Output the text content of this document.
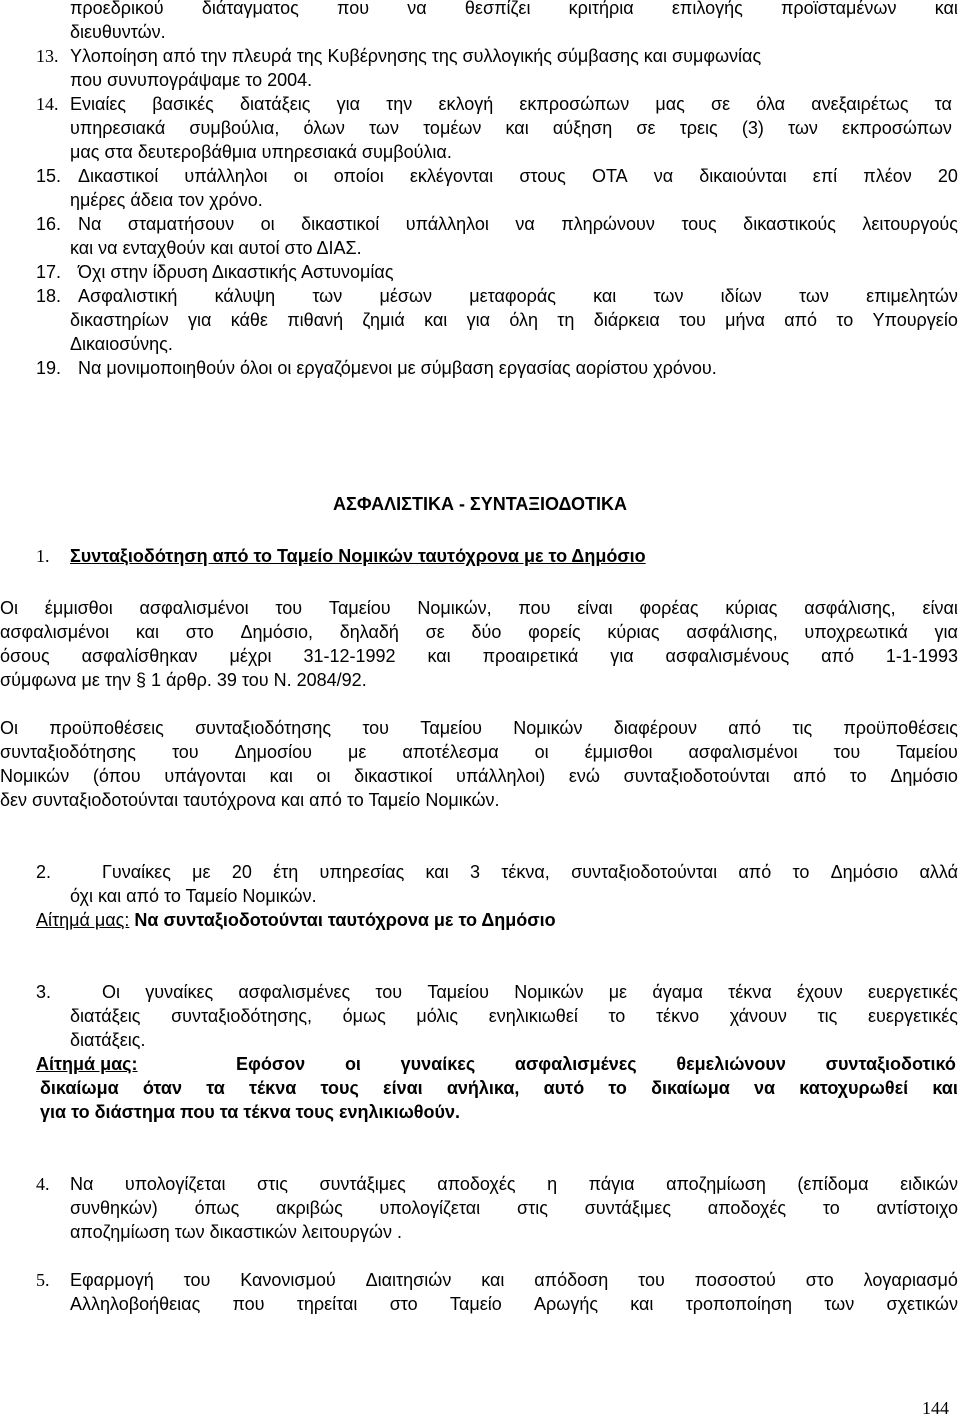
προεδρικού διάταγματος που να θεσπίζει κριτήρια επιλογής προϊσταμένων και
διευθυντών.
13. Υλοποίηση από την πλευρά της Κυβέρνησης της συλλογικής σύμβασης και συμφωνίας
που συνυπογράψαμε το 2004.
14. Ενιαίες βασικές διατάξεις για την εκλογή εκπροσώπων μας σε όλα ανεξαιρέτως τα
υπηρεσιακά συμβούλια, όλων των τομέων και αύξηση σε τρεις (3) των εκπροσώπων
μας στα δευτεροβάθμια υπηρεσιακά συμβούλια.
15. Δικαστικοί υπάλληλοι οι οποίοι εκλέγονται στους ΟΤΑ να δικαιούνται επί πλέον 20
ημέρες άδεια τον χρόνο.
16. Να σταματήσουν οι δικαστικοί υπάλληλοι να πληρώνουν τους δικαστικούς λειτουργούς
και να ενταχθούν και αυτοί στο ΔΙΑΣ.
17. Όχι στην ίδρυση Δικαστικής Αστυνομίας
18. Ασφαλιστική κάλυψη των μέσων μεταφοράς και των ιδίων των επιμελητών
δικαστηρίων για κάθε πιθανή ζημιά και για όλη τη διάρκεια του μήνα από το Υπουργείο
Δικαιοσύνης.
19. Να μονιμοποιηθούν όλοι οι εργαζόμενοι με σύμβαση εργασίας αορίστου χρόνου.
ΑΣΦΑΛΙΣΤΙΚΑ - ΣΥΝΤΑΞΙΟΔΟΤΙΚΑ
1. Συνταξιοδότηση από το Ταμείο Νομικών ταυτόχρονα με το Δημόσιο
Οι έμμισθοι ασφαλισμένοι του Ταμείου Νομικών, που είναι φορέας κύριας ασφάλισης, είναι
ασφαλισμένοι και στο Δημόσιο, δηλαδή σε δύο φορείς κύριας ασφάλισης, υποχρεωτικά για
όσους ασφαλίσθηκαν μέχρι 31-12-1992 και προαιρετικά για ασφαλισμένους από 1-1-1993
σύμφωνα με την § 1 άρθρ. 39 του Ν. 2084/92.
Οι προϋποθέσεις συνταξιοδότησης του Ταμείου Νομικών διαφέρουν από τις προϋποθέσεις
συνταξιοδότησης του Δημοσίου με αποτέλεσμα οι έμμισθοι ασφαλισμένοι του Ταμείου
Νομικών (όπου υπάγονται και οι δικαστικοί υπάλληλοι) ενώ συνταξιοδοτούνται από το Δημόσιο
δεν συνταξιοδοτούνται ταυτόχρονα και από το Ταμείο Νομικών.
2.	Γυναίκες με 20 έτη υπηρεσίας και 3 τέκνα, συνταξιοδοτούνται από το Δημόσιο αλλά
όχι και από το Ταμείο Νομικών.
Αίτημά μας: Να συνταξιοδοτούνται ταυτόχρονα με το Δημόσιο
3.	Οι γυναίκες ασφαλισμένες του Ταμείου Νομικών με άγαμα τέκνα έχουν ευεργετικές
διατάξεις συνταξιοδότησης, όμως μόλις ενηλικιωθεί το τέκνο χάνουν τις ευεργετικές
διατάξεις.
Αίτημά μας:	Εφόσον οι γυναίκες ασφαλισμένες θεμελιώνουν συνταξιοδοτικό
δικαίωμα όταν τα τέκνα τους είναι ανήλικα, αυτό το δικαίωμα να κατοχυρωθεί και
για το διάστημα που τα τέκνα τους ενηλικιωθούν.
4. Να υπολογίζεται στις συντάξιμες αποδοχές η πάγια αποζημίωση (επίδομα ειδικών
συνθηκών) όπως ακριβώς υπολογίζεται στις συντάξιμες αποδοχές το αντίστοιχο
αποζημίωση των δικαστικών λειτουργών .
5. Εφαρμογή του Κανονισμού Διαιτησιών και απόδοση του ποσοστού στο λογαριασμό
Αλληλοβοήθειας που τηρείται στο Ταμείο Αρωγής και τροποποίηση των σχετικών
144
